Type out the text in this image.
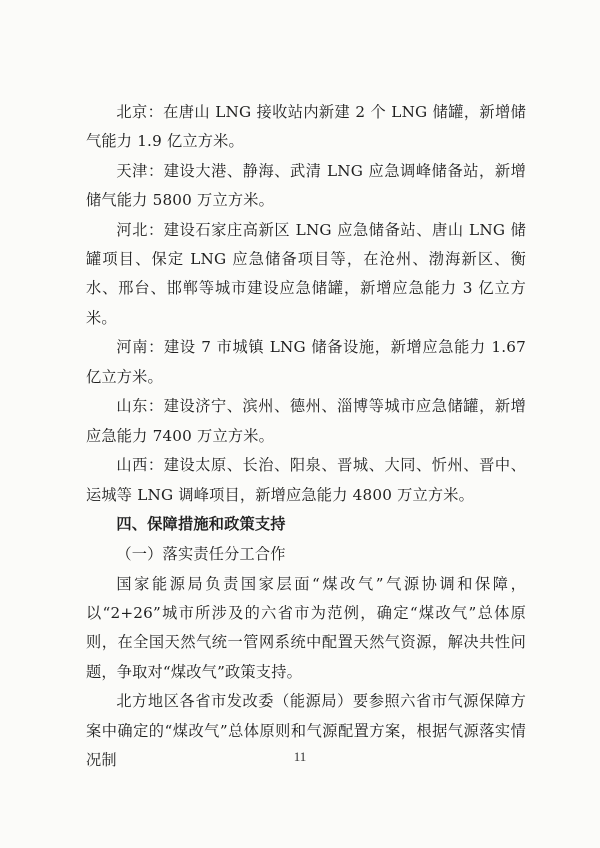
北京：在唐山 LNG 接收站内新建 2 个 LNG 储罐，新增储气能力 1.9 亿立方米。

天津：建设大港、静海、武清 LNG 应急调峰储备站，新增储气能力 5800 万立方米。

河北：建设石家庄高新区 LNG 应急储备站、唐山 LNG 储罐项目、保定 LNG 应急储备项目等，在沧州、渤海新区、衡水、邢台、邯郸等城市建设应急储罐，新增应急能力 3 亿立方米。

河南：建设 7 市城镇 LNG 储备设施，新增应急能力 1.67 亿立方米。

山东：建设济宁、滨州、德州、淄博等城市应急储罐，新增应急能力 7400 万立方米。

山西：建设太原、长治、阳泉、晋城、大同、忻州、晋中、运城等 LNG 调峰项目，新增应急能力 4800 万立方米。

四、保障措施和政策支持

（一）落实责任分工合作

国家能源局负责国家层面“煤改气”气源协调和保障，以“2+26”城市所涉及的六省市为范例，确定“煤改气”总体原则，在全国天然气统一管网系统中配置天然气资源，解决共性问题，争取对“煤改气”政策支持。

北方地区各省市发改委（能源局）要参照六省市气源保障方案中确定的“煤改气”总体原则和气源配置方案，根据气源落实情况制	11
